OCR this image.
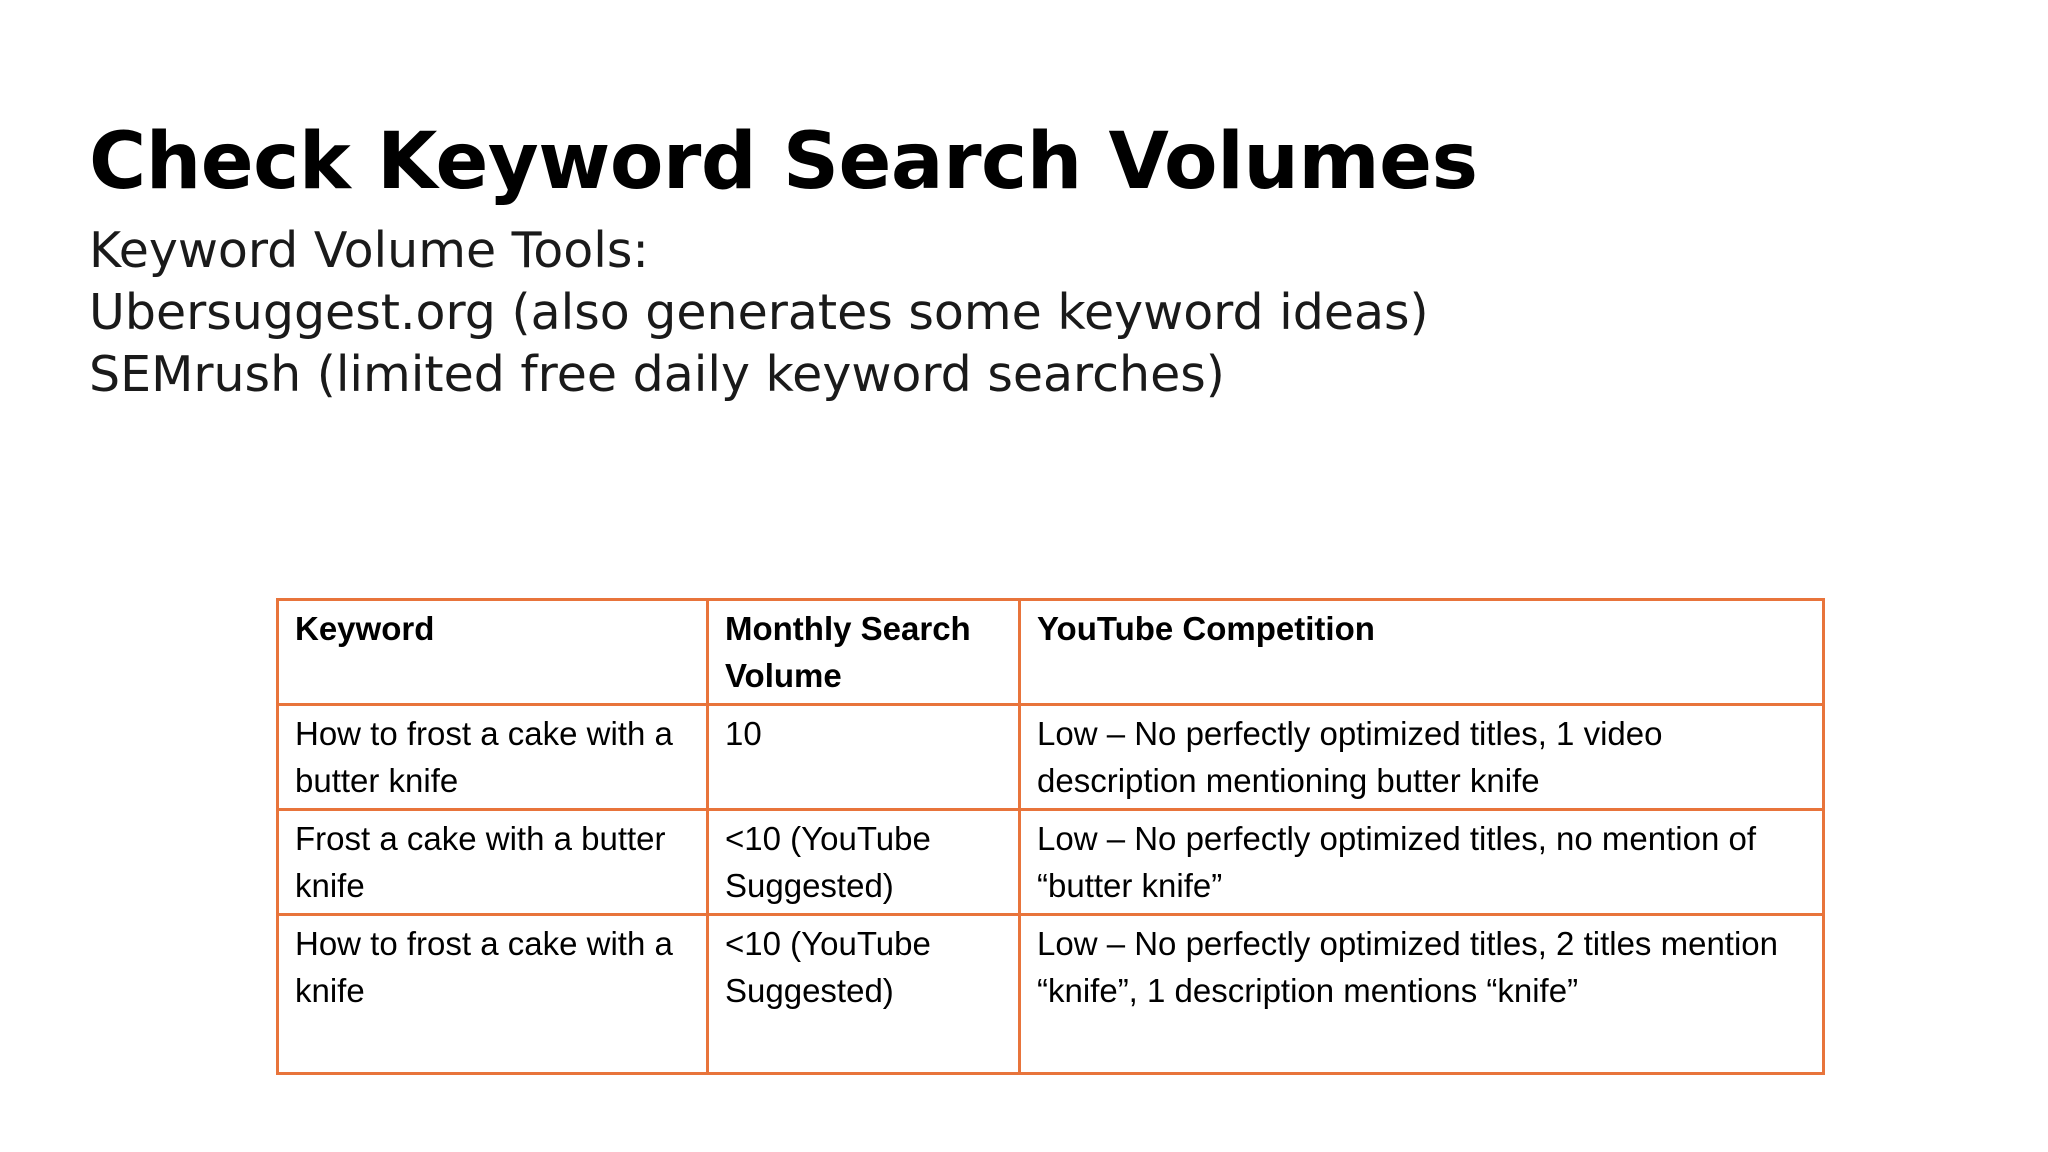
Check Keyword Search Volumes
Keyword Volume Tools:
Ubersuggest.org (also generates some keyword ideas)
SEMrush (limited free daily keyword searches)
Keyword	Monthly Search Volume	YouTube Competition
How to frost a cake with a butter knife	10	Low – No perfectly optimized titles, 1 video description mentioning butter knife
Frost a cake with a butter knife	<10 (YouTube Suggested)	Low – No perfectly optimized titles, no mention of “butter knife”
How to frost a cake with a knife	<10 (YouTube Suggested)	Low – No perfectly optimized titles, 2 titles mention “knife”, 1 description mentions “knife”
